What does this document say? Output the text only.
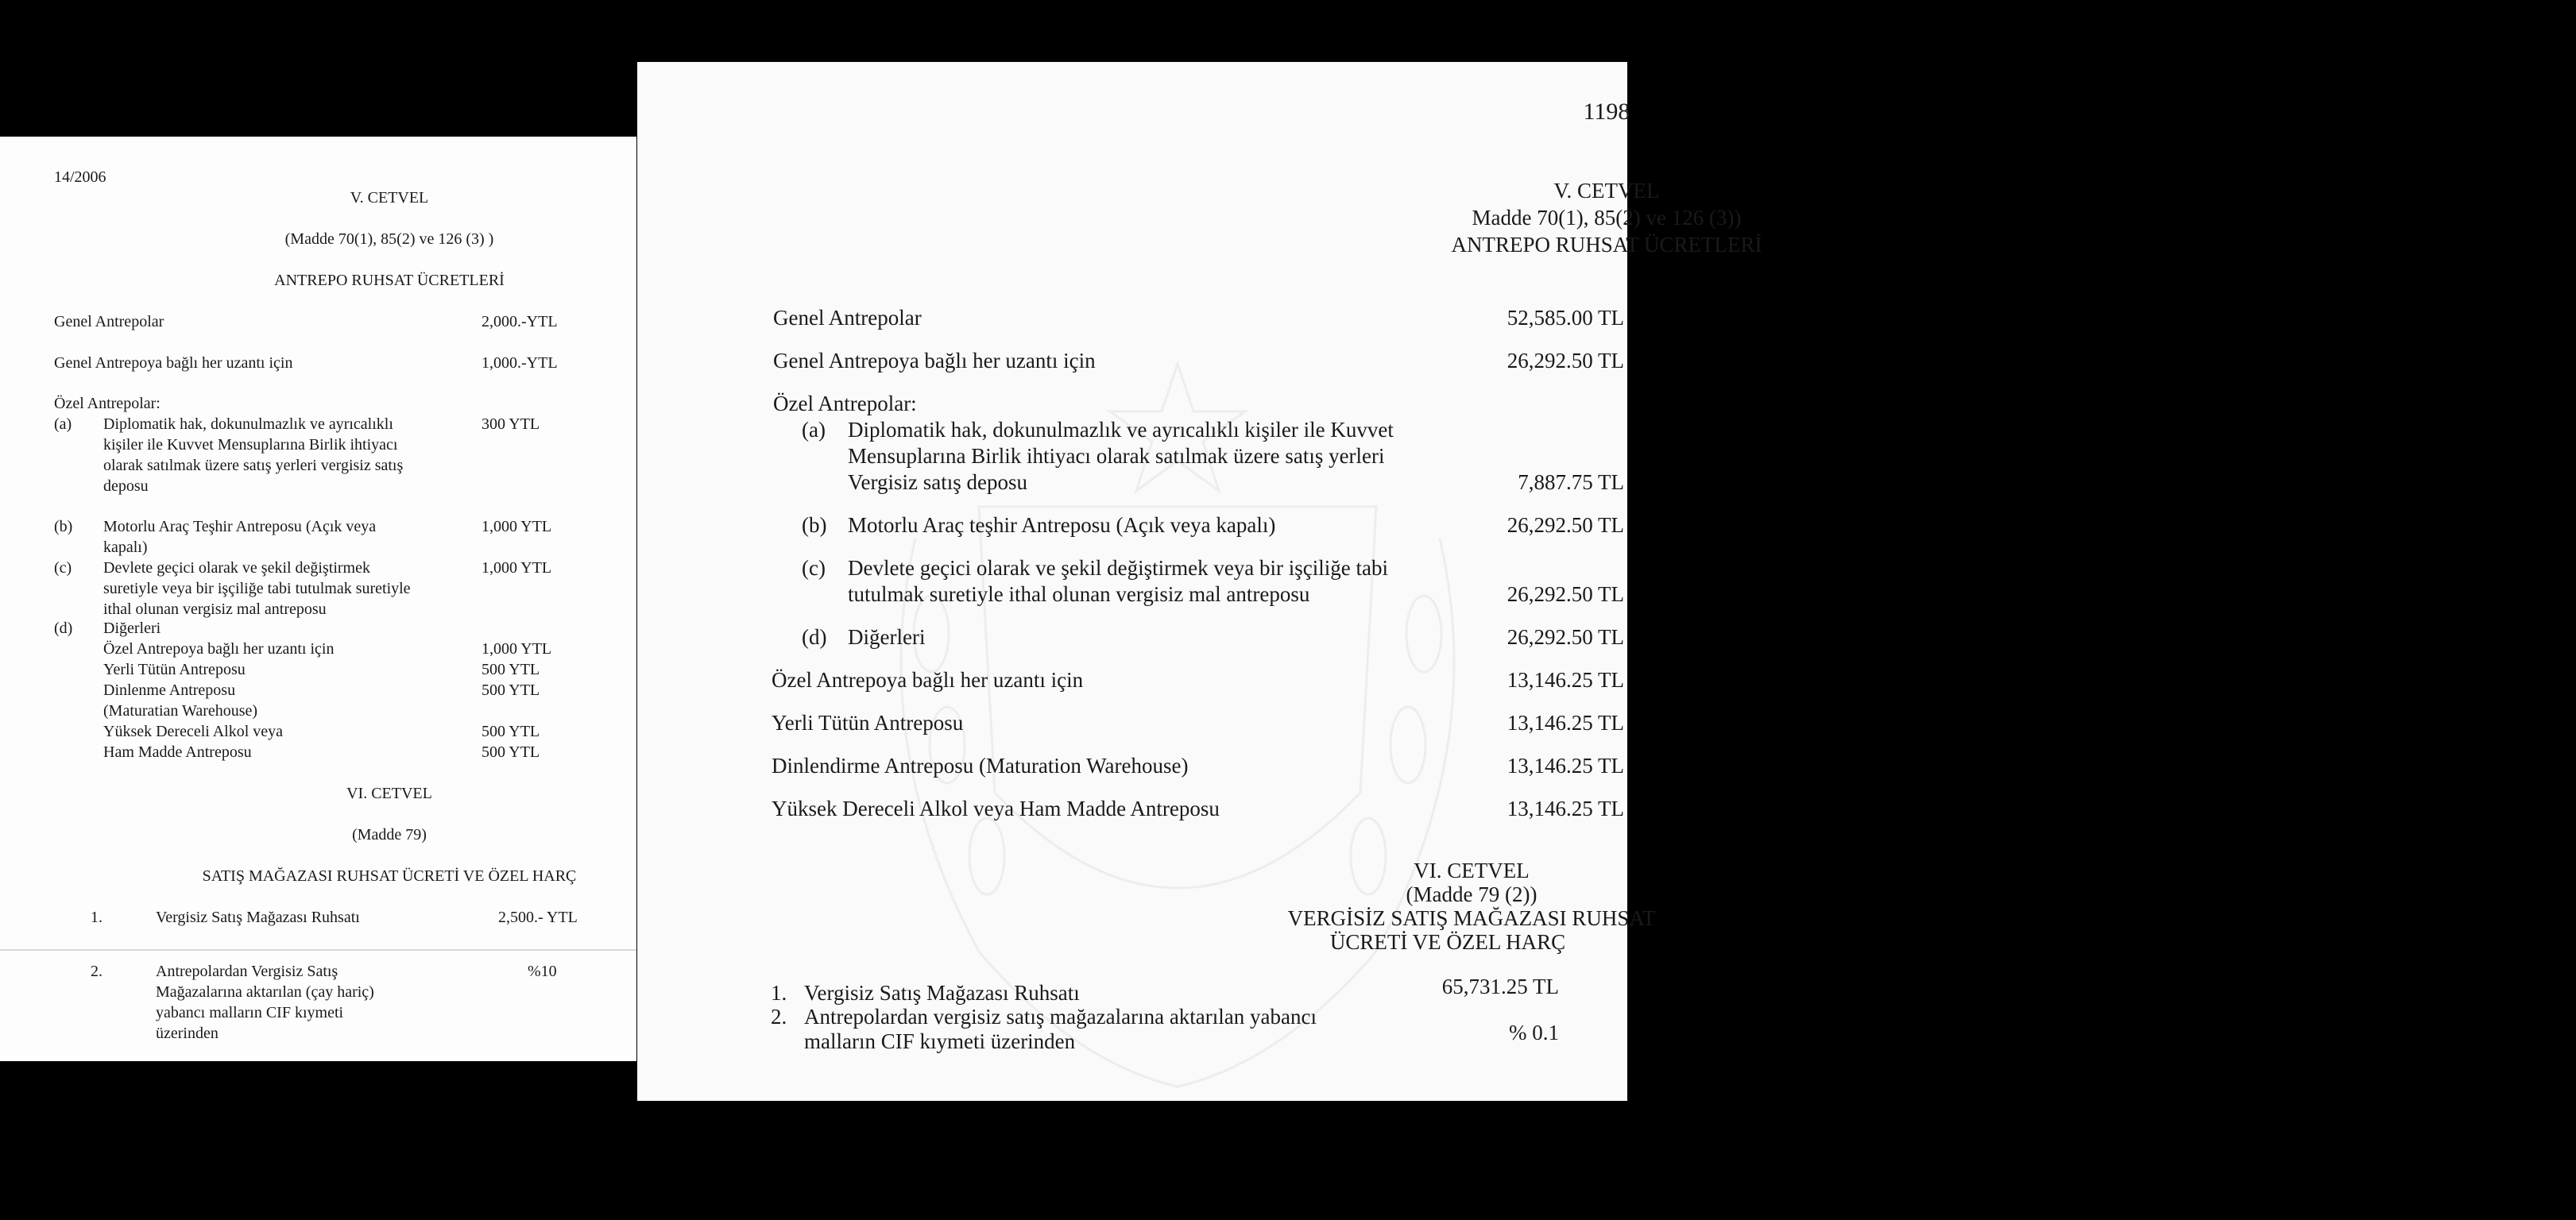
14/2006
V. CETVEL
(Madde 70(1), 85(2) ve 126 (3) )
ANTREPO RUHSAT ÜCRETLERİ
Genel Antrepolar	2,000.-YTL
Genel Antrepoya bağlı her uzantı için	1,000.-YTL
Özel Antrepolar:
(a) Diplomatik hak, dokunulmazlık ve ayrıcalıklı
kişiler ile Kuvvet Mensuplarına Birlik ihtiyacı
olarak satılmak üzere satış yerleri vergisiz satış
deposu
300 YTL
(b) Motorlu Araç Teşhir Antreposu (Açık veya
kapalı)
1,000 YTL
(c) Devlete geçici olarak ve şekil değiştirmek
suretiyle veya bir işçiliğe tabi tutulmak suretiyle
ithal olunan vergisiz mal antreposu
1,000 YTL
(d) Diğerleri
Özel Antrepoya bağlı her uzantı için	1,000 YTL
Yerli Tütün Antreposu	500 YTL
Dinlenme Antreposu	500 YTL
(Maturatian Warehouse)
Yüksek Dereceli Alkol veya	500 YTL
Ham Madde Antreposu	500 YTL
VI. CETVEL
(Madde 79)
SATIŞ MAĞAZASI RUHSAT ÜCRETİ VE ÖZEL HARÇ
1.	Vergisiz Satış Mağazası Ruhsatı	2,500.- YTL
2.	Antrepolardan Vergisiz Satış
Mağazalarına aktarılan (çay hariç)
yabancı malların CIF kıymeti
üzerinden
%10
1198
V. CETVEL
Madde 70(1), 85(2) ve 126 (3))
ANTREPO RUHSAT ÜCRETLERİ
Genel Antrepolar	52,585.00 TL
Genel Antrepoya bağlı her uzantı için	26,292.50 TL
Özel Antrepolar:
(a) Diplomatik hak, dokunulmazlık ve ayrıcalıklı kişiler ile Kuvvet
Mensuplarına Birlik ihtiyacı olarak satılmak üzere satış yerleri
Vergisiz satış deposu	7,887.75 TL
(b) Motorlu Araç teşhir Antreposu (Açık veya kapalı)	26,292.50 TL
(c) Devlete geçici olarak ve şekil değiştirmek veya bir işçiliğe tabi
tutulmak suretiyle ithal olunan vergisiz mal antreposu	26,292.50 TL
(d) Diğerleri	26,292.50 TL
Özel Antrepoya bağlı her uzantı için	13,146.25 TL
Yerli Tütün Antreposu	13,146.25 TL
Dinlendirme Antreposu (Maturation Warehouse)	13,146.25 TL
Yüksek Dereceli Alkol veya Ham Madde Antreposu	13,146.25 TL
VI. CETVEL
(Madde 79 (2))
VERGİSİZ SATIŞ MAĞAZASI RUHSAT
ÜCRETİ VE ÖZEL HARÇ
1. Vergisiz Satış Mağazası Ruhsatı	65,731.25 TL
2. Antrepolardan vergisiz satış mağazalarına aktarılan yabancı
malların CIF kıymeti üzerinden	% 0.1
